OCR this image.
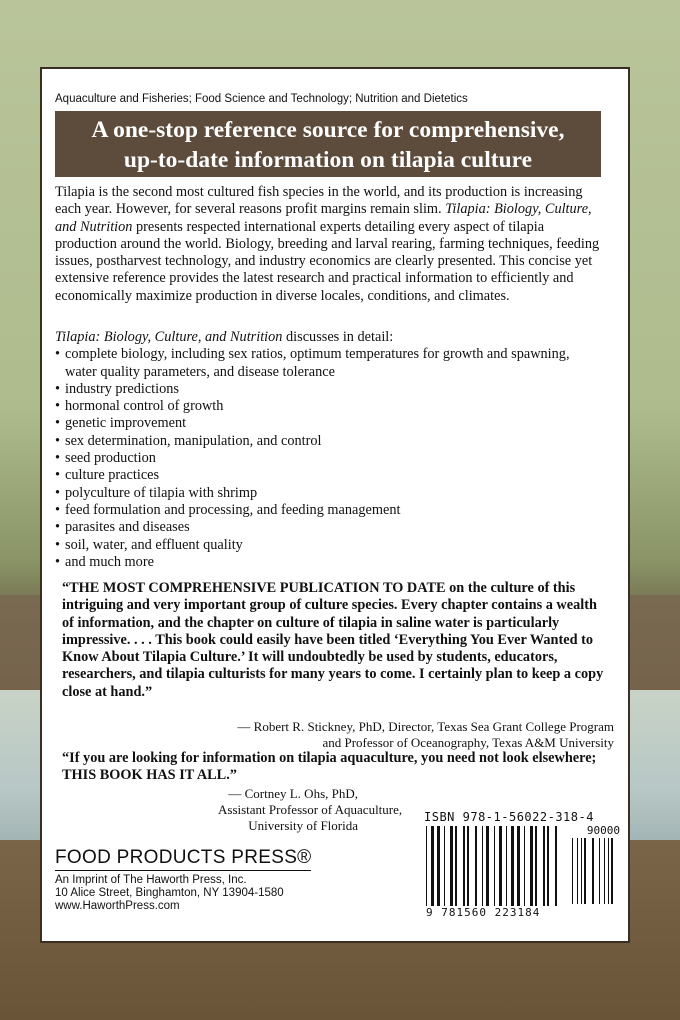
Aquaculture and Fisheries; Food Science and Technology; Nutrition and Dietetics
A one-stop reference source for comprehensive,
up-to-date information on tilapia culture
Tilapia is the second most cultured fish species in the world, and its production is increasing each year. However, for several reasons profit margins remain slim. Tilapia: Biology, Culture, and Nutrition presents respected international experts detailing every aspect of tilapia production around the world. Biology, breeding and larval rearing, farming techniques, feeding issues, postharvest technology, and industry economics are clearly presented. This concise yet extensive reference provides the latest research and practical information to efficiently and economically maximize production in diverse locales, conditions, and climates.
Tilapia: Biology, Culture, and Nutrition discusses in detail:
• complete biology, including sex ratios, optimum temperatures for growth and spawning, water quality parameters, and disease tolerance
• industry predictions
• hormonal control of growth
• genetic improvement
• sex determination, manipulation, and control
• seed production
• culture practices
• polyculture of tilapia with shrimp
• feed formulation and processing, and feeding management
• parasites and diseases
• soil, water, and effluent quality
• and much more
“THE MOST COMPREHENSIVE PUBLICATION TO DATE on the culture of this intriguing and very important group of culture species. Every chapter contains a wealth of information, and the chapter on culture of tilapia in saline water is particularly impressive. . . . This book could easily have been titled ‘Everything You Ever Wanted to Know About Tilapia Culture.’ It will undoubtedly be used by students, educators, researchers, and tilapia culturists for many years to come. I certainly plan to keep a copy close at hand.”
— Robert R. Stickney, PhD, Director, Texas Sea Grant College Program
and Professor of Oceanography, Texas A&M University
“If you are looking for information on tilapia aquaculture, you need not look elsewhere; THIS BOOK HAS IT ALL.”
— Cortney L. Ohs, PhD,
Assistant Professor of Aquaculture,
University of Florida
FOOD PRODUCTS PRESS®
An Imprint of The Haworth Press, Inc.
10 Alice Street, Binghamton, NY 13904-1580
www.HaworthPress.com
ISBN 978-1-56022-318-4
90000
9 781560 223184
